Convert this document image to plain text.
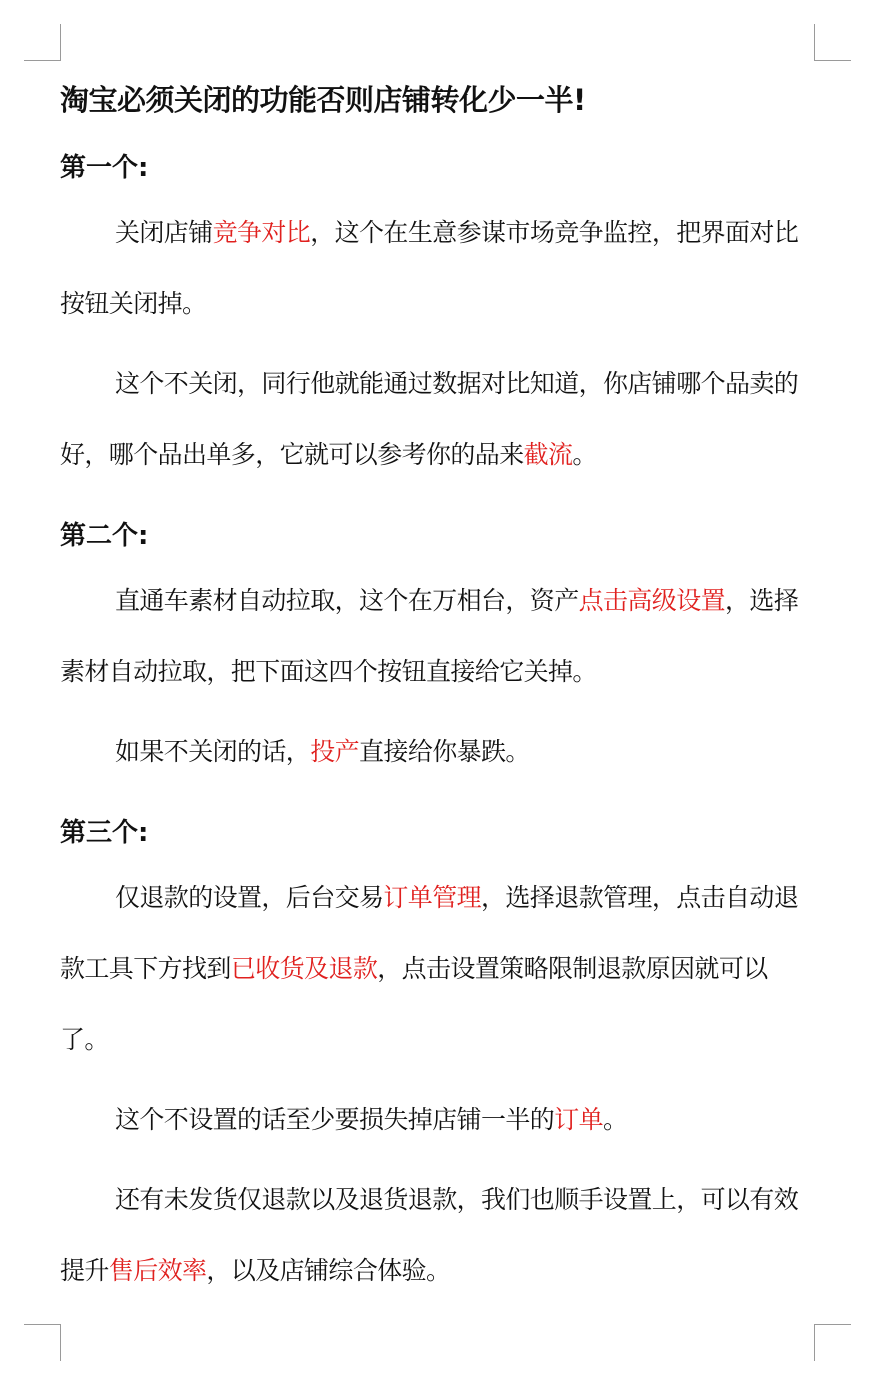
淘宝必须关闭的功能否则店铺转化少一半!
第一个:

关闭店铺竞争对比，这个在生意参谋市场竞争监控，把界面对比按钮关闭掉。

这个不关闭，同行他就能通过数据对比知道，你店铺哪个品卖的好，哪个品出单多，它就可以参考你的品来截流。

第二个:

直通车素材自动拉取，这个在万相台，资产点击高级设置，选择素材自动拉取，把下面这四个按钮直接给它关掉。

如果不关闭的话，投产直接给你暴跌。

第三个:

仅退款的设置，后台交易订单管理，选择退款管理，点击自动退款工具下方找到已收货及退款，点击设置策略限制退款原因就可以了。

这个不设置的话至少要损失掉店铺一半的订单。

还有未发货仅退款以及退货退款，我们也顺手设置上，可以有效提升售后效率，以及店铺综合体验。
